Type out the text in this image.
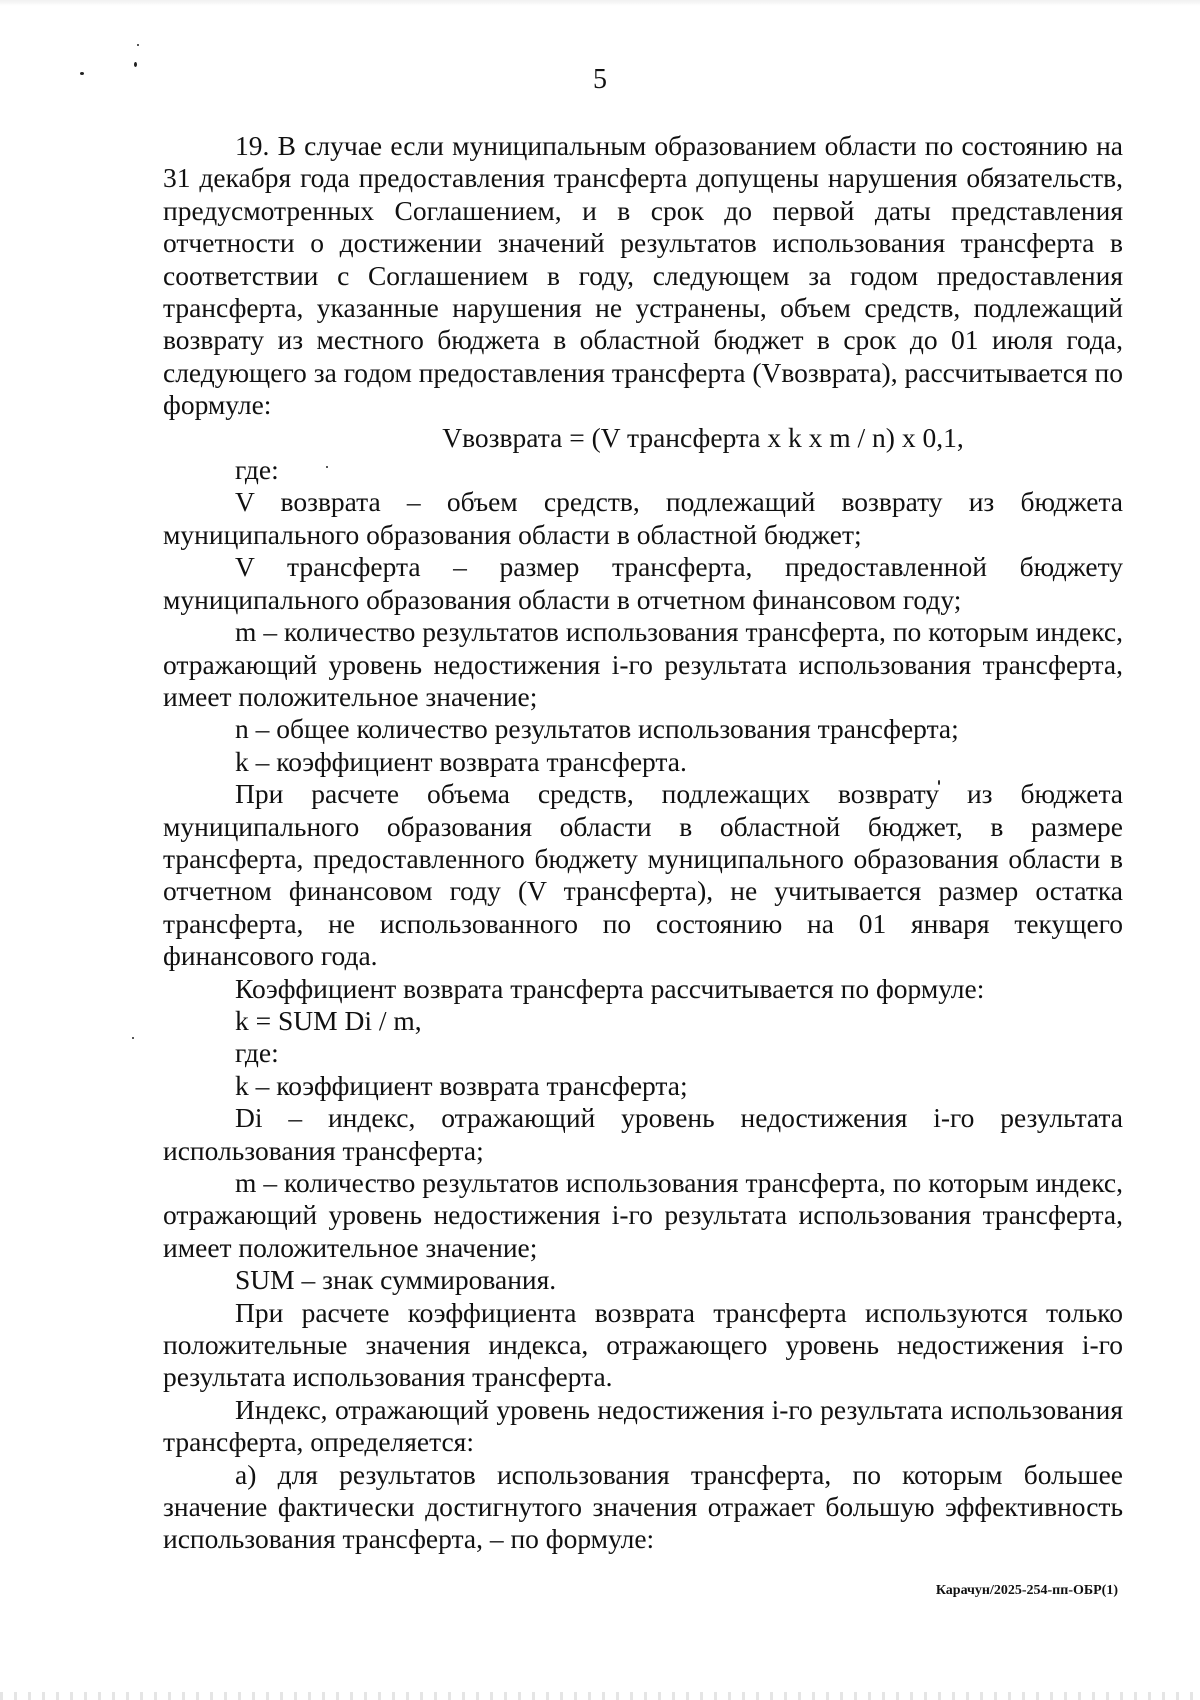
5

19. В случае если муниципальным образованием области по состоянию на 31 декабря года предоставления трансферта допущены нарушения обязательств, предусмотренных Соглашением, и в срок до первой даты представления отчетности о достижении значений результатов использования трансферта в соответствии с Соглашением в году, следующем за годом предоставления трансферта, указанные нарушения не устранены, объем средств, подлежащий возврату из местного бюджета в областной бюджет в срок до 01 июля года, следующего за годом предоставления трансферта (Vвозврата), рассчитывается по формуле:

Vвозврата = (V трансферта x k x m / n) x 0,1,

где:

V возврата – объем средств, подлежащий возврату из бюджета муниципального образования области в областной бюджет;

V трансферта – размер трансферта, предоставленной бюджету муниципального образования области в отчетном финансовом году;

m – количество результатов использования трансферта, по которым индекс, отражающий уровень недостижения i-го результата использования трансферта, имеет положительное значение;

n – общее количество результатов использования трансферта;

k – коэффициент возврата трансферта.

При расчете объема средств, подлежащих возврату из бюджета муниципального образования области в областной бюджет, в размере трансферта, предоставленного бюджету муниципального образования области в отчетном финансовом году (V трансферта), не учитывается размер остатка трансферта, не использованного по состоянию на 01 января текущего финансового года.

Коэффициент возврата трансферта рассчитывается по формуле:

k = SUM Di / m,

где:

k – коэффициент возврата трансферта;

Di – индекс, отражающий уровень недостижения i-го результата использования трансферта;

m – количество результатов использования трансферта, по которым индекс, отражающий уровень недостижения i-го результата использования трансферта, имеет положительное значение;

SUM – знак суммирования.

При расчете коэффициента возврата трансферта используются только положительные значения индекса, отражающего уровень недостижения i-го результата использования трансферта.

Индекс, отражающий уровень недостижения i-го результата использования трансферта, определяется:

а) для результатов использования трансферта, по которым большее значение фактически достигнутого значения отражает большую эффективность использования трансферта, – по формуле:

Карачун/2025-254-пп-ОБР(1)
